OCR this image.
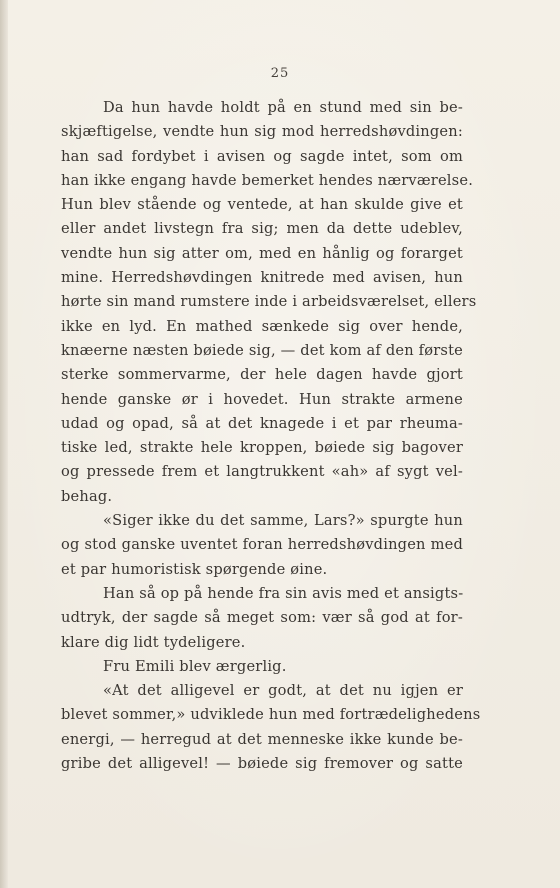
25
Da hun havde holdt på en stund med sin be-
skjæftigelse, vendte hun sig mod herredshøvdingen:
han sad fordybet i avisen og sagde intet, som om
han ikke engang havde bemerket hendes nærværelse.
Hun blev stående og ventede, at han skulde give et
eller andet livstegn fra sig; men da dette udeblev,
vendte hun sig atter om, med en hånlig og forarget
mine. Herredshøvdingen knitrede med avisen, hun
hørte sin mand rumstere inde i arbeidsværelset, ellers
ikke en lyd. En mathed sænkede sig over hende,
knæerne næsten bøiede sig, — det kom af den første
sterke sommervarme, der hele dagen havde gjort
hende ganske ør i hovedet. Hun strakte armene
udad og opad, så at det knagede i et par rheuma-
tiske led, strakte hele kroppen, bøiede sig bagover
og pressede frem et langtrukkent «ah» af sygt vel-
behag.
«Siger ikke du det samme, Lars?» spurgte hun
og stod ganske uventet foran herredshøvdingen med
et par humoristisk spørgende øine.
Han så op på hende fra sin avis med et ansigts-
udtryk, der sagde så meget som: vær så god at for-
klare dig lidt tydeligere.
Fru Emili blev ærgerlig.
«At det alligevel er godt, at det nu igjen er
blevet sommer,» udviklede hun med fortrædelighedens
energi, — herregud at det menneske ikke kunde be-
gribe det alligevel! — bøiede sig fremover og satte
